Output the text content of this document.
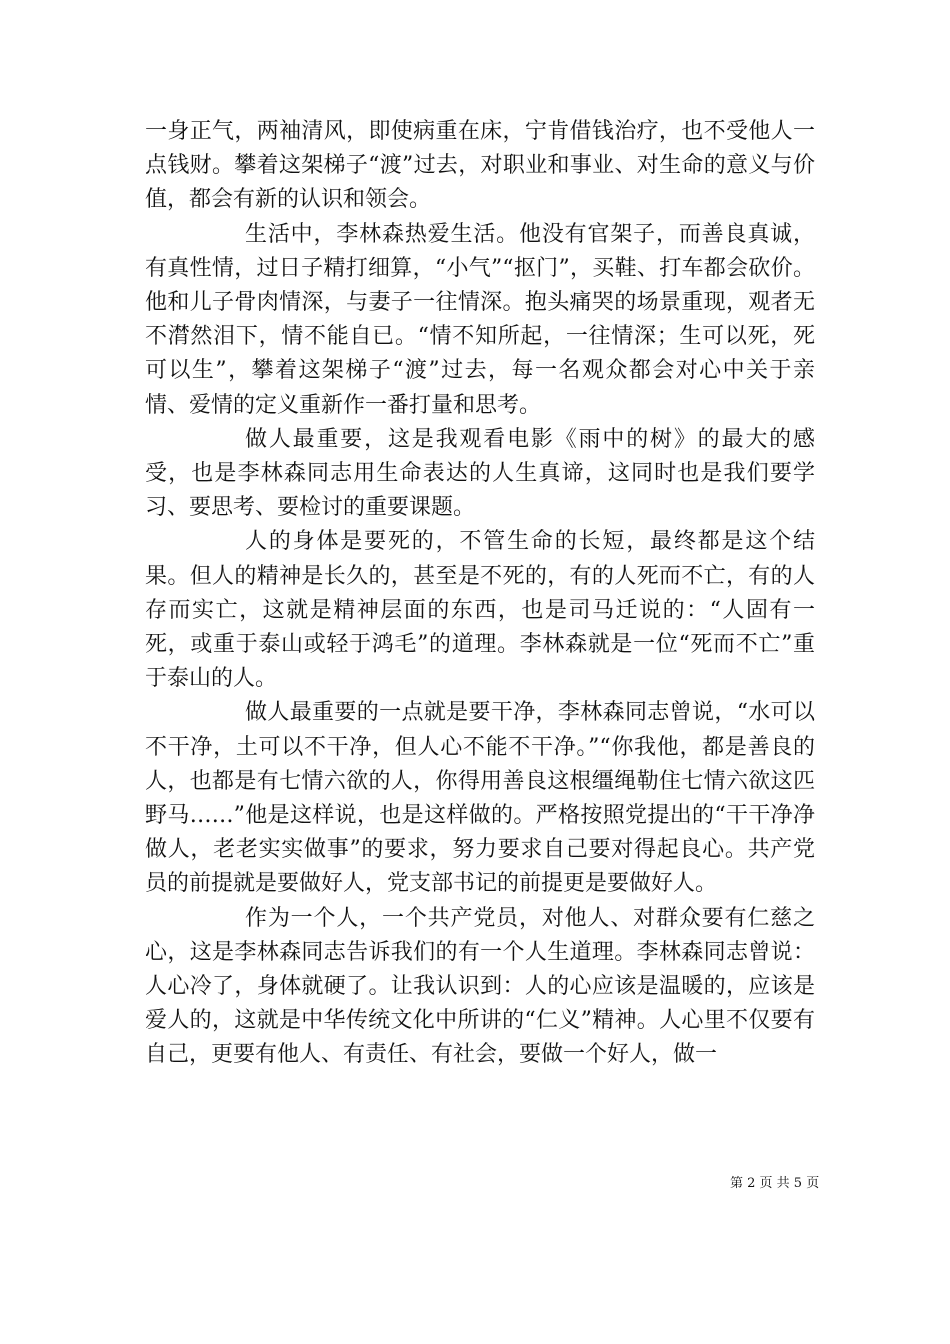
一身正气，两袖清风，即使病重在床，宁肯借钱治疗，也不受他人一点钱财。攀着这架梯子“渡”过去，对职业和事业、对生命的意义与价值，都会有新的认识和领会。

生活中，李林森热爱生活。他没有官架子，而善良真诚，有真性情，过日子精打细算，“小气”“抠门”，买鞋、打车都会砍价。他和儿子骨肉情深，与妻子一往情深。抱头痛哭的场景重现，观者无不潸然泪下，情不能自已。“情不知所起，一往情深；生可以死，死可以生”，攀着这架梯子“渡”过去，每一名观众都会对心中关于亲情、爱情的定义重新作一番打量和思考。

做人最重要，这是我观看电影《雨中的树》的最大的感受，也是李林森同志用生命表达的人生真谛，这同时也是我们要学习、要思考、要检讨的重要课题。

人的身体是要死的，不管生命的长短，最终都是这个结果。但人的精神是长久的，甚至是不死的，有的人死而不亡，有的人存而实亡，这就是精神层面的东西，也是司马迁说的：“人固有一死，或重于泰山或轻于鸿毛”的道理。李林森就是一位“死而不亡”重于泰山的人。

做人最重要的一点就是要干净，李林森同志曾说，“水可以不干净，土可以不干净，但人心不能不干净。”“你我他，都是善良的人，也都是有七情六欲的人，你得用善良这根缰绳勒住七情六欲这匹野马……”他是这样说，也是这样做的。严格按照党提出的“干干净净做人，老老实实做事”的要求，努力要求自己要对得起良心。共产党员的前提就是要做好人，党支部书记的前提更是要做好人。

作为一个人，一个共产党员，对他人、对群众要有仁慈之心，这是李林森同志告诉我们的有一个人生道理。李林森同志曾说：人心冷了，身体就硬了。让我认识到：人的心应该是温暖的，应该是爱人的，这就是中华传统文化中所讲的“仁义”精神。人心里不仅要有自己，更要有他人、有责任、有社会，要做一个好人，做一

第 2 页 共 5 页
